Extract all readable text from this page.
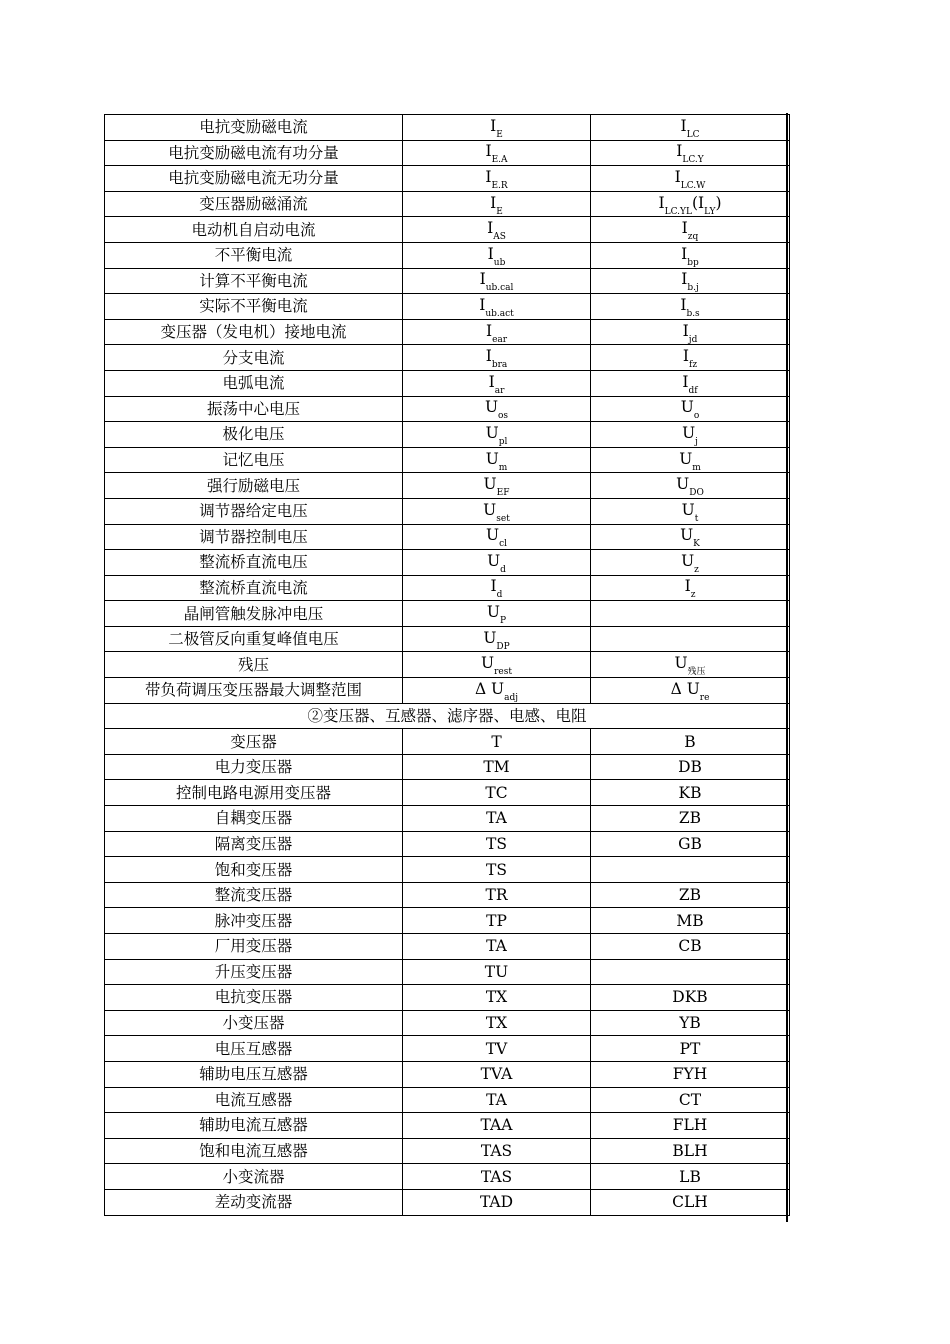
电抗变励磁电流	$I_E$	$I_{LC}$
电抗变励磁电流有功分量	$I_{E.A}$	$I_{LC.Y}$
电抗变励磁电流无功分量	$I_{E.R}$	$I_{LC.W}$
变压器励磁涌流	$I_E$	$I_{LC.YL}(I_{LY})$
电动机自启动电流	$I_{AS}$	$I_{zq}$
不平衡电流	$I_{ub}$	$I_{bp}$
计算不平衡电流	$I_{ub.cal}$	$I_{b.j}$
实际不平衡电流	$I_{ub.act}$	$I_{b.s}$
变压器（发电机）接地电流	$I_{ear}$	$I_{jd}$
分支电流	$I_{bra}$	$I_{fz}$
电弧电流	$I_{ar}$	$I_{df}$
振荡中心电压	$U_{os}$	$U_o$
极化电压	$U_{pl}$	$U_j$
记忆电压	$U_m$	$U_m$
强行励磁电压	$U_{EF}$	$U_{DO}$
调节器给定电压	$U_{set}$	$U_t$
调节器控制电压	$U_{cl}$	$U_K$
整流桥直流电压	$U_d$	$U_z$
整流桥直流电流	$I_d$	$I_z$
晶闸管触发脉冲电压	$U_P$	
二极管反向重复峰值电压	$U_{DP}$	
残压	$U_{rest}$	$U_{残压}$
带负荷调压变压器最大调整范围	Δ $U_{adj}$	Δ $U_{re}$
②变压器、互感器、滤序器、电感、电阻		
变压器	T	B
电力变压器	TM	DB
控制电路电源用变压器	TC	KB
自耦变压器	TA	ZB
隔离变压器	TS	GB
饱和变压器	TS	
整流变压器	TR	ZB
脉冲变压器	TP	MB
厂用变压器	TA	CB
升压变压器	TU	
电抗变压器	TX	DKB
小变压器	TX	YB
电压互感器	TV	PT
辅助电压互感器	TVA	FYH
电流互感器	TA	CT
辅助电流互感器	TAA	FLH
饱和电流互感器	TAS	BLH
小变流器	TAS	LB
差动变流器	TAD	CLH
